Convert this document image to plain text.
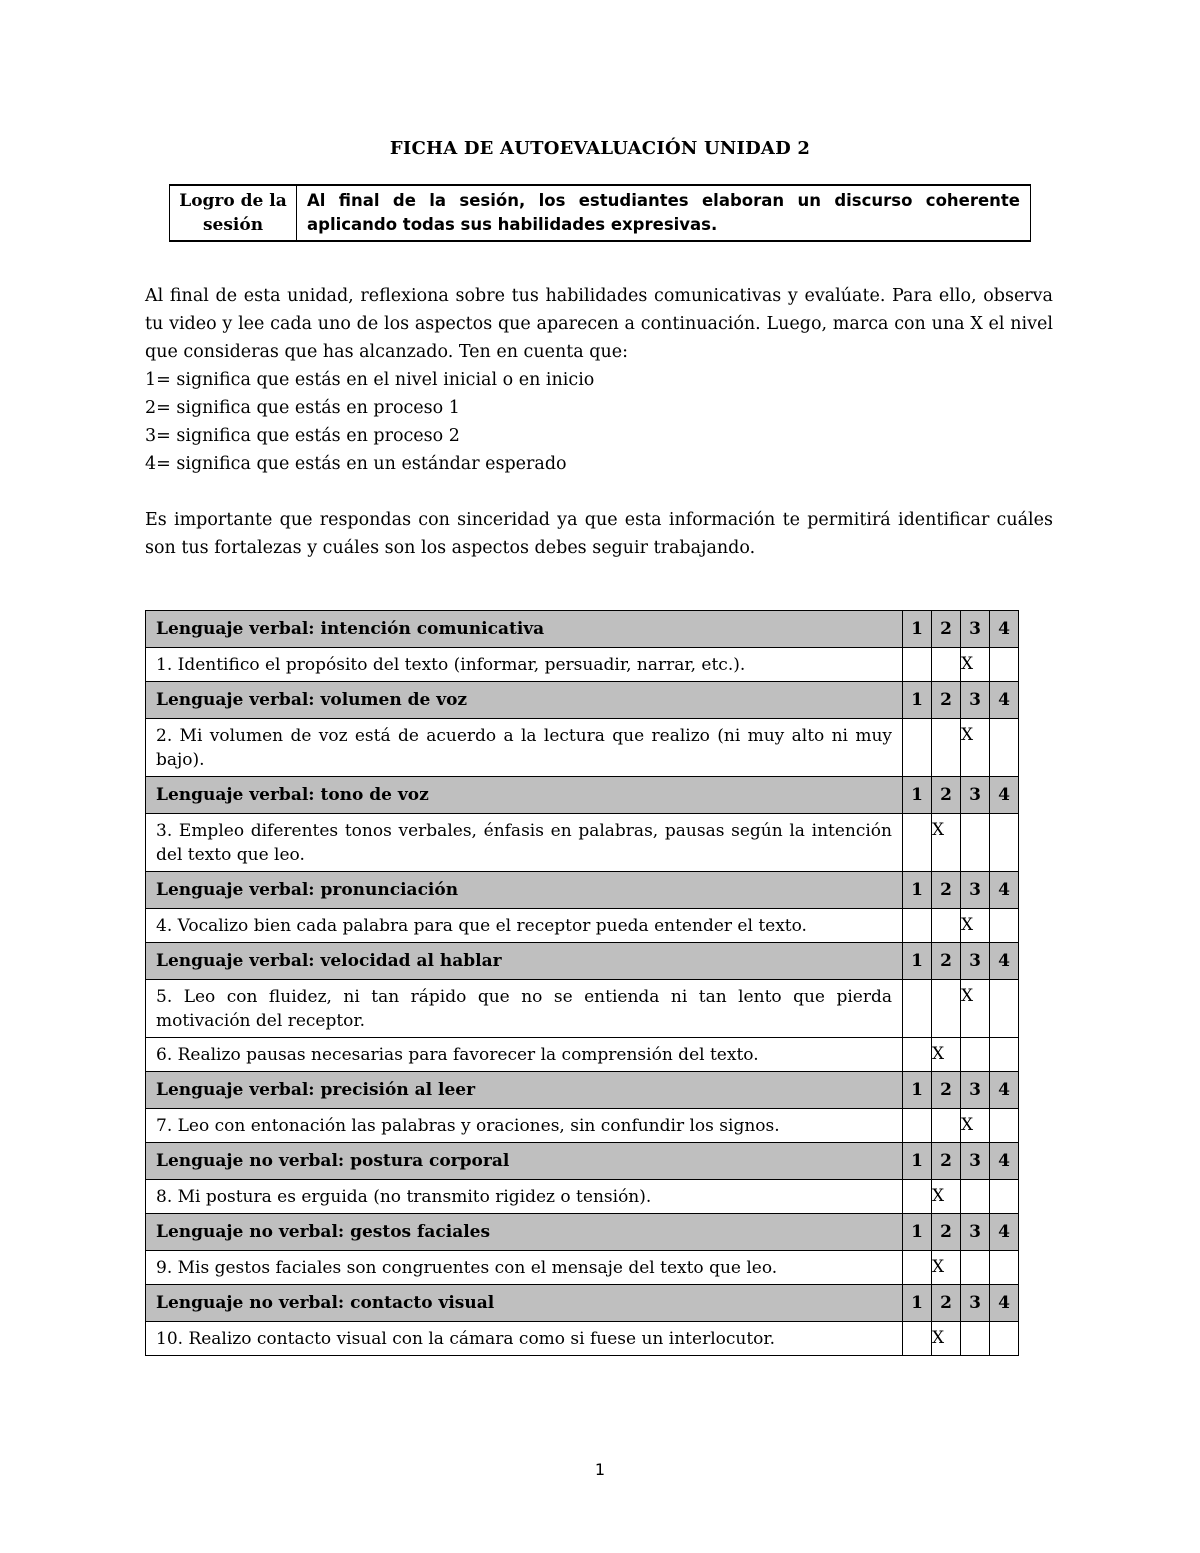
FICHA DE AUTOEVALUACIÓN UNIDAD 2
Logro de la sesión	Al final de la sesión, los estudiantes elaboran un discurso coherente aplicando todas sus habilidades expresivas.

Al final de esta unidad, reflexiona sobre tus habilidades comunicativas y evalúate. Para ello, observa tu video y lee cada uno de los aspectos que aparecen a continuación. Luego, marca con una X el nivel que consideras que has alcanzado. Ten en cuenta que:

1= significa que estás en el nivel inicial o en inicio
2= significa que estás en proceso 1
3= significa que estás en proceso 2
4= significa que estás en un estándar esperado

Es importante que respondas con sinceridad ya que esta información te permitirá identificar cuáles son tus fortalezas y cuáles son los aspectos debes seguir trabajando.

Lenguaje verbal: intención comunicativa	1	2	3	4
1. Identifico el propósito del texto (informar, persuadir, narrar, etc.).			X	
Lenguaje verbal: volumen de voz	1	2	3	4
2. Mi volumen de voz está de acuerdo a la lectura que realizo (ni muy alto ni muy bajo).			X	
Lenguaje verbal: tono de voz	1	2	3	4
3. Empleo diferentes tonos verbales, énfasis en palabras, pausas según la intención del texto que leo.		X		
Lenguaje verbal: pronunciación	1	2	3	4
4. Vocalizo bien cada palabra para que el receptor pueda entender el texto.			X	
Lenguaje verbal: velocidad al hablar	1	2	3	4
5. Leo con fluidez, ni tan rápido que no se entienda ni tan lento que pierda motivación del receptor.			X	
6. Realizo pausas necesarias para favorecer la comprensión del texto.		X		
Lenguaje verbal: precisión al leer	1	2	3	4
7. Leo con entonación las palabras y oraciones, sin confundir los signos.			X	
Lenguaje no verbal: postura corporal	1	2	3	4
8. Mi postura es erguida (no transmito rigidez o tensión).		X		
Lenguaje no verbal: gestos faciales	1	2	3	4
9. Mis gestos faciales son congruentes con el mensaje del texto que leo.		X		
Lenguaje no verbal: contacto visual	1	2	3	4
10. Realizo contacto visual con la cámara como si fuese un interlocutor.		X		
1
